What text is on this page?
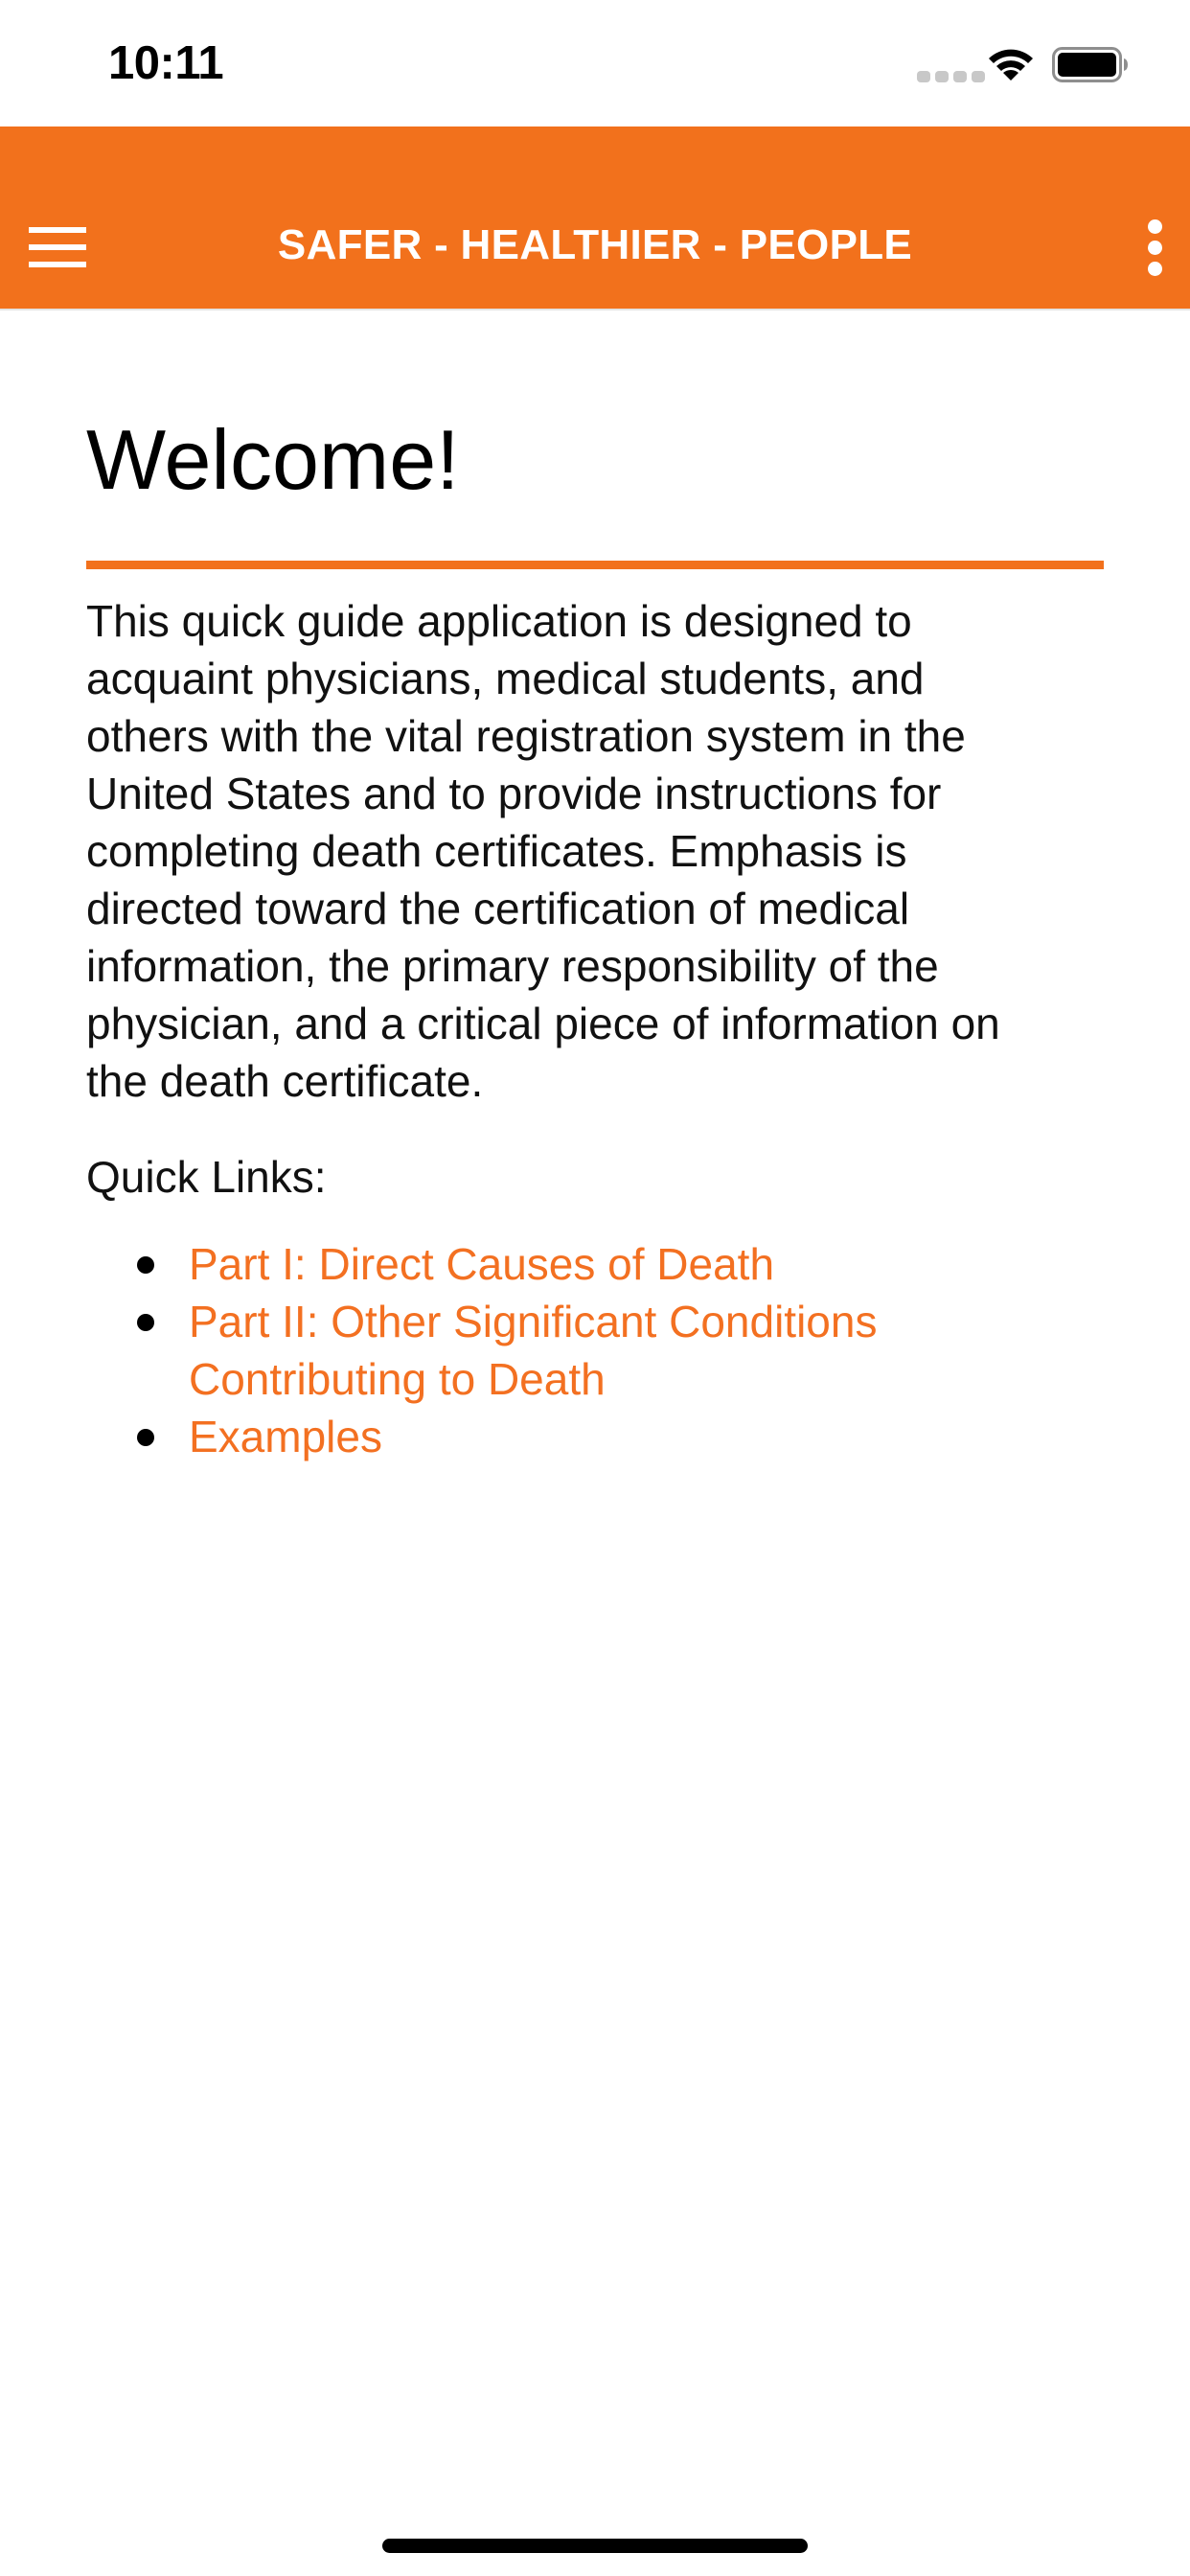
10:11
SAFER - HEALTHIER - PEOPLE
Welcome!

This quick guide application is designed to
acquaint physicians, medical students, and
others with the vital registration system in the
United States and to provide instructions for
completing death certificates. Emphasis is
directed toward the certification of medical
information, the primary responsibility of the
physician, and a critical piece of information on
the death certificate.

Quick Links:
Part I: Direct Causes of Death
Part II: Other Significant Conditions
Contributing to Death
Examples
